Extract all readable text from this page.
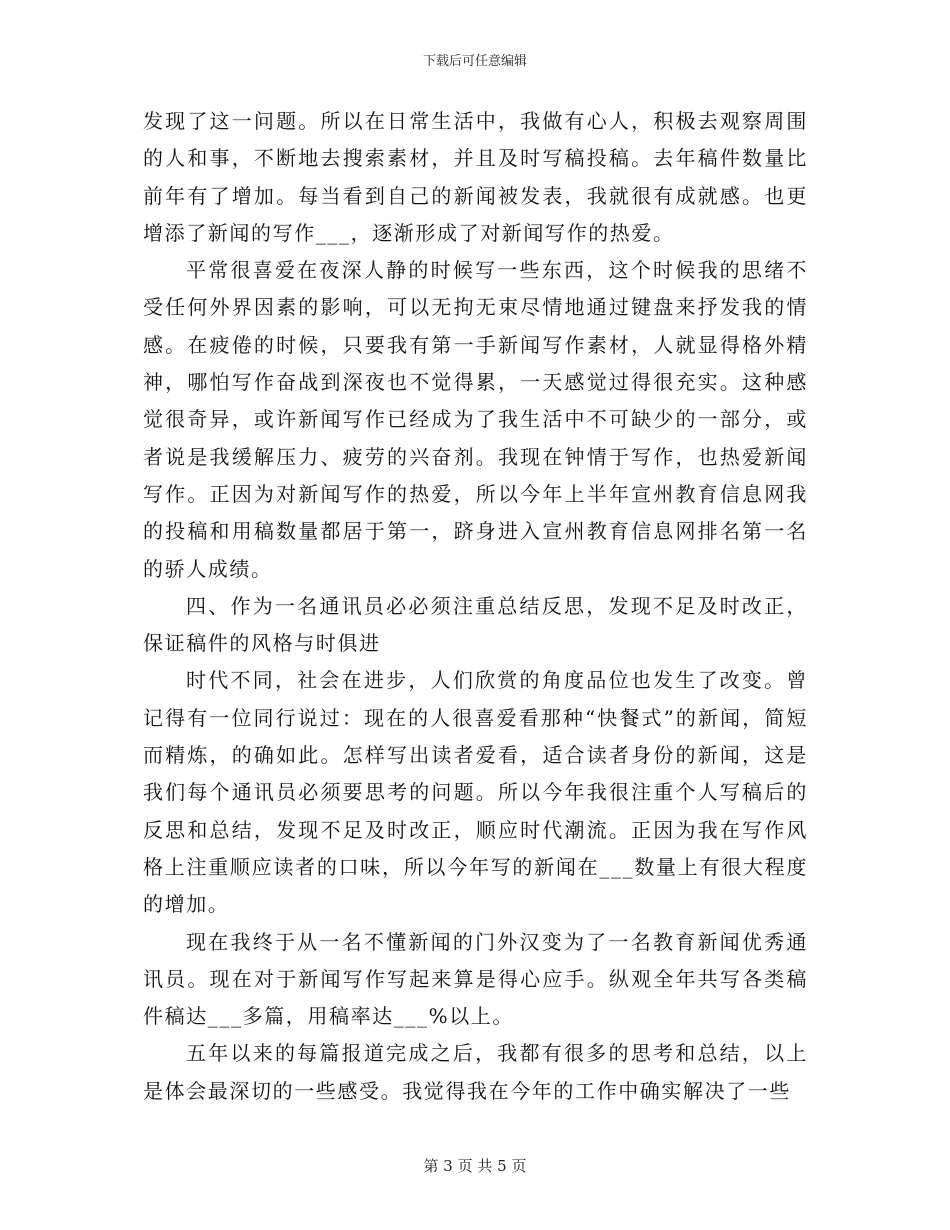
下载后可任意编辑

发现了这一问题。所以在日常生活中，我做有心人，积极去观察周围的人和事，不断地去搜索素材，并且及时写稿投稿。去年稿件数量比前年有了增加。每当看到自己的新闻被发表，我就很有成就感。也更增添了新闻的写作___，逐渐形成了对新闻写作的热爱。

平常很喜爱在夜深人静的时候写一些东西，这个时候我的思绪不受任何外界因素的影响，可以无拘无束尽情地通过键盘来抒发我的情感。在疲倦的时候，只要我有第一手新闻写作素材，人就显得格外精神，哪怕写作奋战到深夜也不觉得累，一天感觉过得很充实。这种感觉很奇异，或许新闻写作已经成为了我生活中不可缺少的一部分，或者说是我缓解压力、疲劳的兴奋剂。我现在钟情于写作，也热爱新闻写作。正因为对新闻写作的热爱，所以今年上半年宣州教育信息网我的投稿和用稿数量都居于第一，跻身进入宣州教育信息网排名第一名的骄人成绩。

四、作为一名通讯员必必须注重总结反思，发现不足及时改正，保证稿件的风格与时俱进

时代不同，社会在进步，人们欣赏的角度品位也发生了改变。曾记得有一位同行说过：现在的人很喜爱看那种“快餐式”的新闻，简短而精炼，的确如此。怎样写出读者爱看，适合读者身份的新闻，这是我们每个通讯员必须要思考的问题。所以今年我很注重个人写稿后的反思和总结，发现不足及时改正，顺应时代潮流。正因为我在写作风格上注重顺应读者的口味，所以今年写的新闻在___数量上有很大程度的增加。

现在我终于从一名不懂新闻的门外汉变为了一名教育新闻优秀通讯员。现在对于新闻写作写起来算是得心应手。纵观全年共写各类稿件稿达___多篇，用稿率达___%以上。

五年以来的每篇报道完成之后，我都有很多的思考和总结，以上是体会最深切的一些感受。我觉得我在今年的工作中确实解决了一些

第 3 页 共 5 页
